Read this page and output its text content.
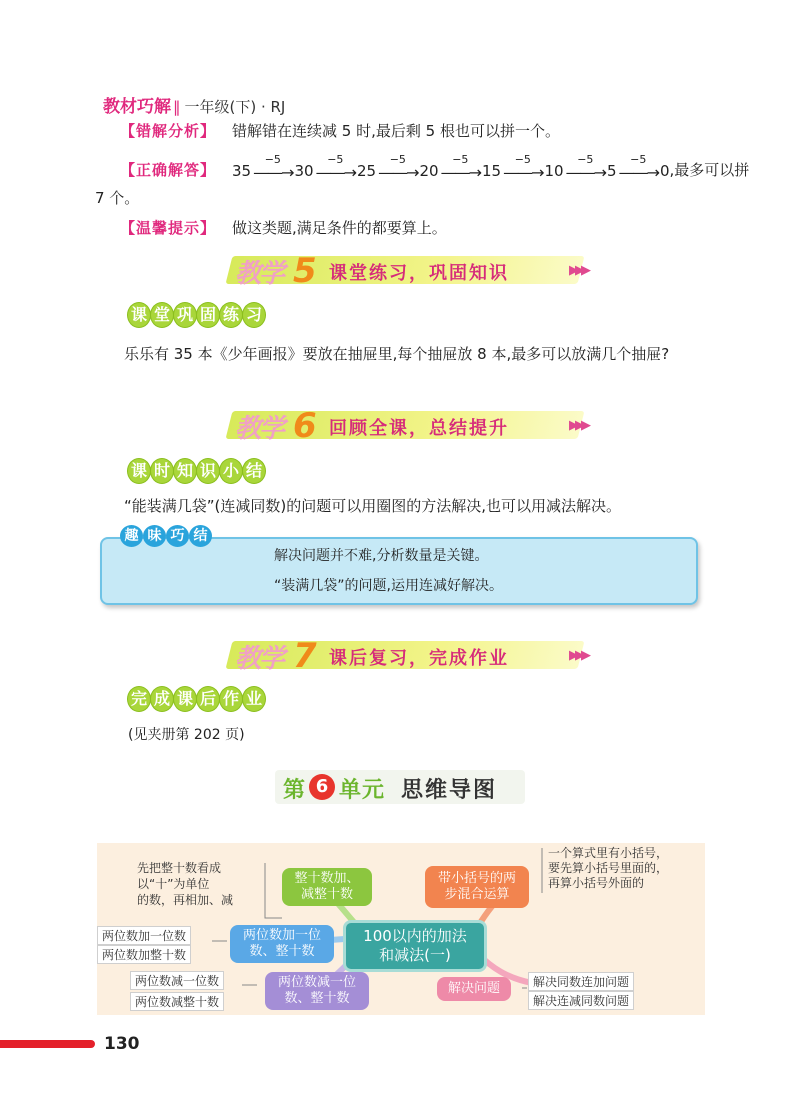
教材巧解 ‖ 一年级(下) · RJ
【错解分析】 错解错在连续减 5 时,最后剩 5 根也可以拼一个。
【正确解答】 35
−5
——→ 30
−5
——→ 25
−5
——→ 20
−5
——→ 15
−5
——→ 10
−5
——→ 5
−5
——→ 0 ,最多可以拼
7 个。
【温馨提示】 做这类题,满足条件的都要算上。
教学 5 课堂练习，巩固知识	▶▶▶
课 堂 巩 固 练 习
乐乐有 35 本《少年画报》要放在抽屉里,每个抽屉放 8 本,最多可以放满几个抽屉?
教学 6 回顾全课，总结提升	▶▶▶
课 时 知 识 小 结
“能装满几袋”(连减同数)的问题可以用圈图的方法解决,也可以用减法解决。
趣 味 巧 结
解决问题并不难,分析数量是关键。
“装满几袋”的问题,运用连减好解决。
教学 7 课后复习，完成作业	▶▶▶
完 成 课 后 作 业
(见夹册第 202 页)
第 6 单元 思维导图
100以内的加法
和减法(一)
整十数加、
减整十数
先把整十数看成
以“十”为单位
的数，再相加、减
两位数加一位
数、整十数
两位数加一位数
两位数加整十数
两位数减一位
数、整十数
两位数减一位数
两位数减整十数
带小括号的两
步混合运算
一个算式里有小括号，
要先算小括号里面的，
再算小括号外面的
解决问题	解决同数连加问题
解决连减同数问题
130
